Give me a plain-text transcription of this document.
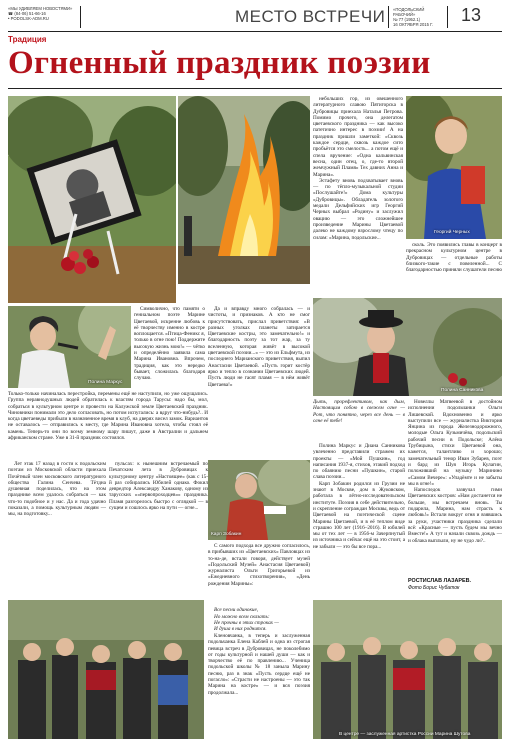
«МЫ УДИВЛЯЕМ НОВОСТЯМИ»
☎ (84-06) 51-66-16
• PODOLSK-ADM.RU	МЕСТО ВСТРЕЧИ «ПОДОЛЬСКИЙ РАБОЧИЙ»
№ 77 (1952.1)
16 ОКТЯБРЯ 2015 Г.	13
Традиция
Огненный праздник поэзии
Георгий Черных

небольших гор, из овешенного литературного славою Пятигорска в Дубровицы приехала Наталья Петрова. Помимо прочего, она делегатом цветаевского праздника — как высоко патетично интерес в поэзии! А на праздник пришли заметкой: «Сквозь каждое сердце, сквозь каждое сито пробьётся это смелость... а потом ещё и спела вручение: «Одна кальвинская весна, один отец, о, где-то второй жемчужный Пламя» Тех давних Анна и Марина».

Эстафету вновь подхватывает вновь — по тёпло-музыкальной студии «Послушайте!» Дома культуры «Дубровицы». Обладатель золотого медали Дельфийских игр Георгий Черных выбрал «Родину» и заслужил овацию — это сложнейшее произведение Марины Цветаевой далеко не каждому взрослому чтецу по силам: «Марина, подольские...

сколь. Это появились главы в концерт в прекрасном культурном центре в Дубровицах — отдельные работы близкого-такие с повеленной... С благодарностью приняли слушатели песню

Полина Маркус

Символично, что памяти о гениальном поэте Марине Цветаевой, искренне любовь к её творчеству именно в костре воплощается. «Птица-Феникс я, только в огне пою! Поддержите высокую жизнь мою!» — чётко и определённо заявила сама Марина Ивановна. Впрочем, традиция, как это нередко бывает, сложилась благодаря случаю.

Да и вправду много собралась — и чистоты, и признаков. А кто не смог присутствовать, прислал приветствия: «В разных уголках планеты затирается Цветаевские костры, это замечательно!» и благодарность поэту за тот жар, за ту вселенную, которая живёт в высокой цветаевской поэзии...» — это из Ельфмута, из последнего Марианского приветствия, выпил Анастасии Цветаевой. «Пусть горит костёр ярко и тепло в сознании Цветаевских людей. Пусть люди не гасят пламя — в нём живёт Цветаева!»

Полина Санникова

Только-только начиналась перестройка, перемены ещё не наступили, но уже ощущались. Группа неравнодушных людей обратилась к властям города Тарусы: надо бы, мол, собраться в культурном центре и провести на Калужской земле Цветаевский праздник. Чиновники понимали это дело согласовать, но потом испугались: а вдруг что-нибудь?.. И когда цветаеведы прибыли в назначенное время в клуб, на дверях висел замок. Вариантов не оставалось — отправились к месту, где Марина Ивановна хотела, чтобы стоял её камень. Теперь-то они по всему земному шару пишут, даже в Австралии и дальнем африканском стране. Уже в 31-й праздник состоялся.

Дыть, прорефлективом, как дым, Настоящим собою в свежем огне — Рот, что понятно, через все день — в огне её тебе!

Полина Маркус и Диана Санникова увлеченно представили стражем их проекты — «Мой Пушкин», год написания 1937-я, стихов, этакий подход по обаянию песни «Пушкин», старой слава поэзии...

Карп Зобакин родился из Грузии не знают в Москве, дом в Жуковском, работала в лётно-исследовательском институте. Поэзия в себе действительно, и скрепление сограждан Москвы, ведь от Цветаевой на поэтической сцене Марины Цветаевой, и в её теплом виде страшно 100 лет (1916–2016). В юбилей мы от тех лет — в 1956-м Зачерпнутый из источника и сейчас ещё на это стоит, а не забыли — это бы все пора...

Новеллы Матвеевой в достойном исполнении подольчанки Ольги Лишевской. Вдохновенно и ярко выступили все — журналистка Виктория Янцина из города Железнодорожного, молодые Ольга Кузьмичёва, подольский рабочий песни в Подольске; Алёна Трубицына, стихи Цветаевой она, кажется, талантливо и хорошо; замечательный тенор Иван Зубарев, поэт и бард из Шуя Игорь Кулагин, положивший на музыку Маринино «Самом Вечере»: «Упадёмте и не забыты мы в огне!»

Напоследок зазвучал гимн Цветаевских костров: «Нам достанется не больше, мы встречаем вновь. Ты подарила, Марина, нам страсть к любовь!» Встали вокруг огня и взявшись за руки, участники праздника сделали всё: «Красные — пусть будем мы вечно Вместе!» А тут и начали сквозь дождь — и облака выплыли, ну не чудо ли?..

РОСТИСЛАВ ЛАЗАРЕВ.
Фото Борис Чубаток

Лет этак 17 назад в гости к подольским поэтам из Московской области приехала Почётный член московского литературного общества Галина Сенчева. Тётдна душевная поделилась, что на этом празднике всем удалось собраться — как что-то подобное и у нас. Да и года удачно показали, а помощь культурным людям — мы, на подготовку...

пульсах: к нынешним встречаемый по Печатским лета в Дубровицах к культурному центру «Настоящее» (как с 15-й раз собирались Юбилей однако. Фокил девредтор Александру Ханакову, одному из тарусских ««первопроходцев»» праздника. Пламя разгорелось быстро с оглядкой — в сущем и сошлось ярко на пути — огне...

Карп Зобакин

С самого подхода все дружно согласилось, в прибывших из «Цветаевских» Павловцах из то-на-де, встали говоря, действует музей «Подольский Музей» Анастасия Цветаевой) журналиста Ольги Григорьевой из «Ежедневного стихотворения», «День рождения Марины»:

Все песни одинокие,
Но можно всем сказать:
Не прочны в этих строках —
И душа в них роднится.

Кленовчанка, в теперь и заслуженная подольчанка Елена Каблей и одна из строгая певица встреч в Дубровицах, не поколебимо от годы культурной и нашей души — как и творчество её по правлению... Ученица подольской школы № 18 заныла Марину песню, раз в знак «Пусть сердце ещё не погасло»: «Страсти не настроены — это так Марина на костре» — и вся поэзия продолжала...

В центре — заслуженная артистка России Марина Шутова
